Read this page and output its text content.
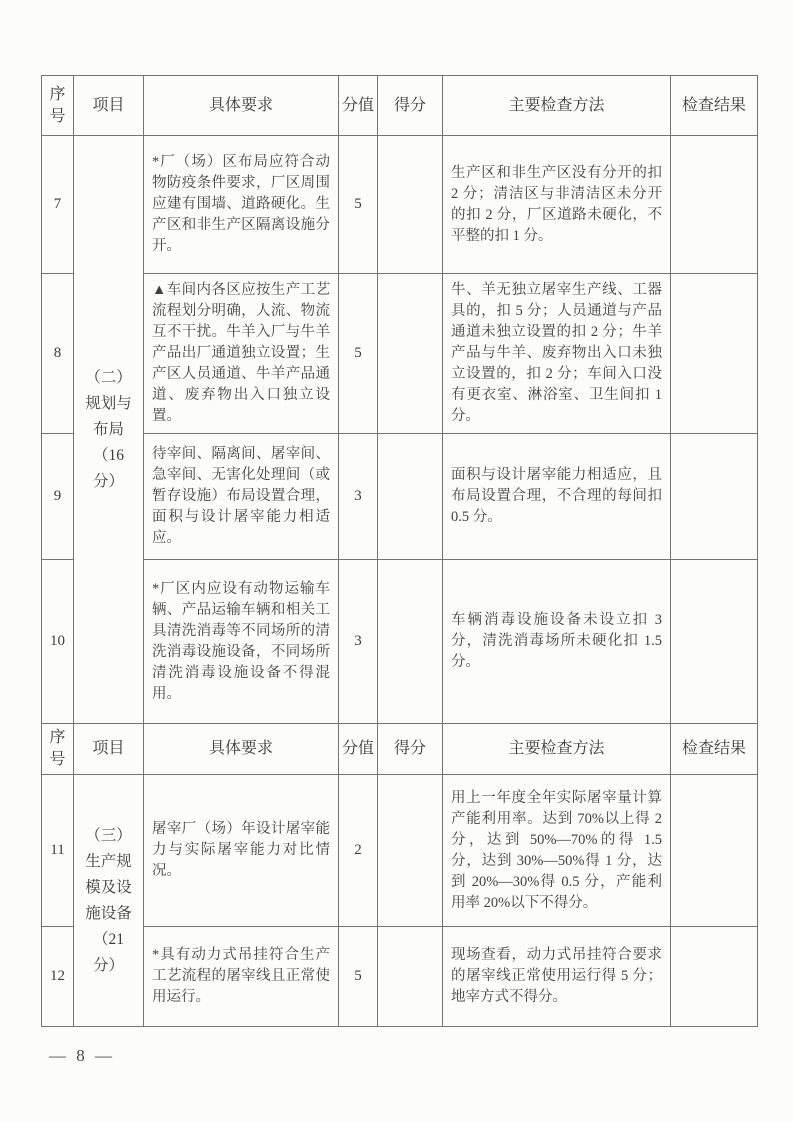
序号	项目	具体要求	分值	得分	主要检查方法	检查结果
7	（二）规划与布局（16分）	*厂（场）区布局应符合动物防疫条件要求，厂区周围应建有围墙、道路硬化。生产区和非生产区隔离设施分开。	5		生产区和非生产区没有分开的扣 2 分；清洁区与非清洁区未分开的扣 2 分，厂区道路未硬化，不平整的扣 1 分。	
8		▲车间内各区应按生产工艺流程划分明确，人流、物流互不干扰。牛羊入厂与牛羊产品出厂通道独立设置；生产区人员通道、牛羊产品通道、废弃物出入口独立设置。	5		牛、羊无独立屠宰生产线、工器具的，扣 5 分；人员通道与产品通道未独立设置的扣 2 分；牛羊产品与牛羊、废弃物出入口未独立设置的，扣 2 分；车间入口没有更衣室、淋浴室、卫生间扣 1 分。	
9		待宰间、隔离间、屠宰间、急宰间、无害化处理间（或暂存设施）布局设置合理，面积与设计屠宰能力相适应。	3		面积与设计屠宰能力相适应，且布局设置合理，不合理的每间扣 0.5 分。	
10		*厂区内应设有动物运输车辆、产品运输车辆和相关工具清洗消毒等不同场所的清洗消毒设施设备，不同场所清洗消毒设施设备不得混用。	3		车辆消毒设施设备未设立扣 3 分，清洗消毒场所未硬化扣 1.5 分。	
序号	项目	具体要求	分值	得分	主要检查方法	检查结果
11	（三）生产规模及设施设备（21分）	屠宰厂（场）年设计屠宰能力与实际屠宰能力对比情况。	2		用上一年度全年实际屠宰量计算产能利用率。达到 70%以上得 2 分，达到 50%—70%的得 1.5 分，达到 30%—50%得 1 分，达到 20%—30%得 0.5 分，产能利用率 20%以下不得分。	
12		*具有动力式吊挂符合生产工艺流程的屠宰线且正常使用运行。	5		现场查看，动力式吊挂符合要求的屠宰线正常使用运行得 5 分；地宰方式不得分。	
— 8 —
